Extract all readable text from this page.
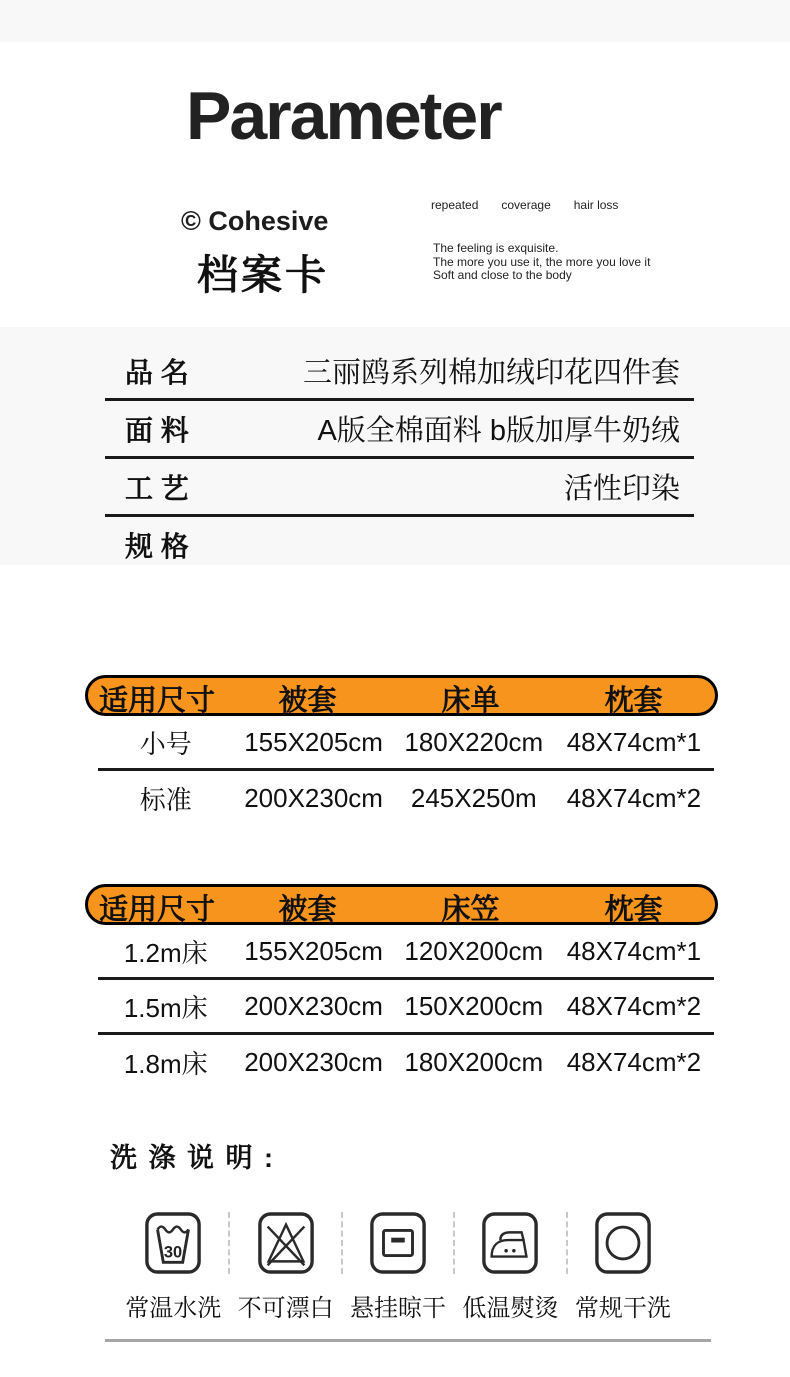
Parameter
© Cohesive
档案卡
repeated coverage hair loss
The feeling is exquisite.
The more you use it, the more you love it
Soft and close to the body
品 名	三丽鸥系列棉加绒印花四件套
面 料	A版全棉面料 b版加厚牛奶绒
工 艺	活性印染
规 格
适用尺寸	被套	床单	枕套
小号	155X205cm 180X220cm 48X74cm*1
标准	200X230cm	245X250m	48X74cm*2
适用尺寸	被套	床笠	枕套
1.2m床	155X205cm 120X200cm 48X74cm*1
1.5m床	200X230cm 150X200cm 48X74cm*2
1.8m床	200X230cm 180X200cm 48X74cm*2
洗 涤 说 明 :
30
常温水洗 不可漂白 悬挂晾干 低温熨烫 常规干洗
